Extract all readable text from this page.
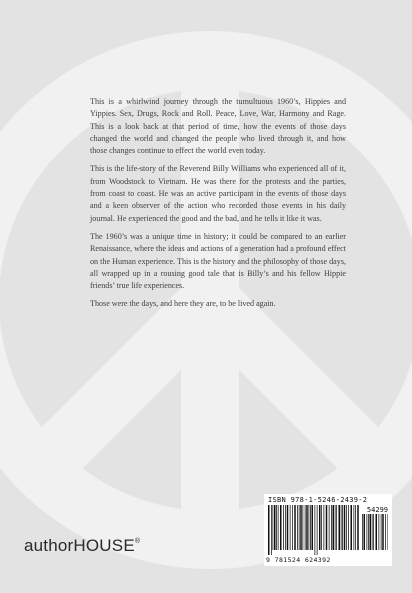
This is a whirlwind journey through the tumultuous 1960’s, Hippies and Yippies. Sex, Drugs, Rock and Roll. Peace, Love, War, Harmony and Rage. This is a look back at that period of time, how the events of those days changed the world and changed the people who lived through it, and how those changes continue to effect the world even today.

This is the life-story of the Reverend Billy Williams who experienced all of it, from Woodstock to Vietnam. He was there for the protests and the parties, from coast to coast. He was an active participant in the events of those days and a keen observer of the action who recorded those events in his daily journal. He experienced the good and the bad, and he tells it like it was.

The 1960’s was a unique time in history; it could be compared to an earlier Renaissance, where the ideas and actions of a generation had a profound effect on the Human experience. This is the history and the philosophy of those days, all wrapped up in a rousing good tale that is Billy’s and his fellow Hippie friends’ true life experiences.

Those were the days, and here they are, to be lived again.

authorHOUSE®
ISBN 978-1-5246-2439-2
54299
9 781524 624392
